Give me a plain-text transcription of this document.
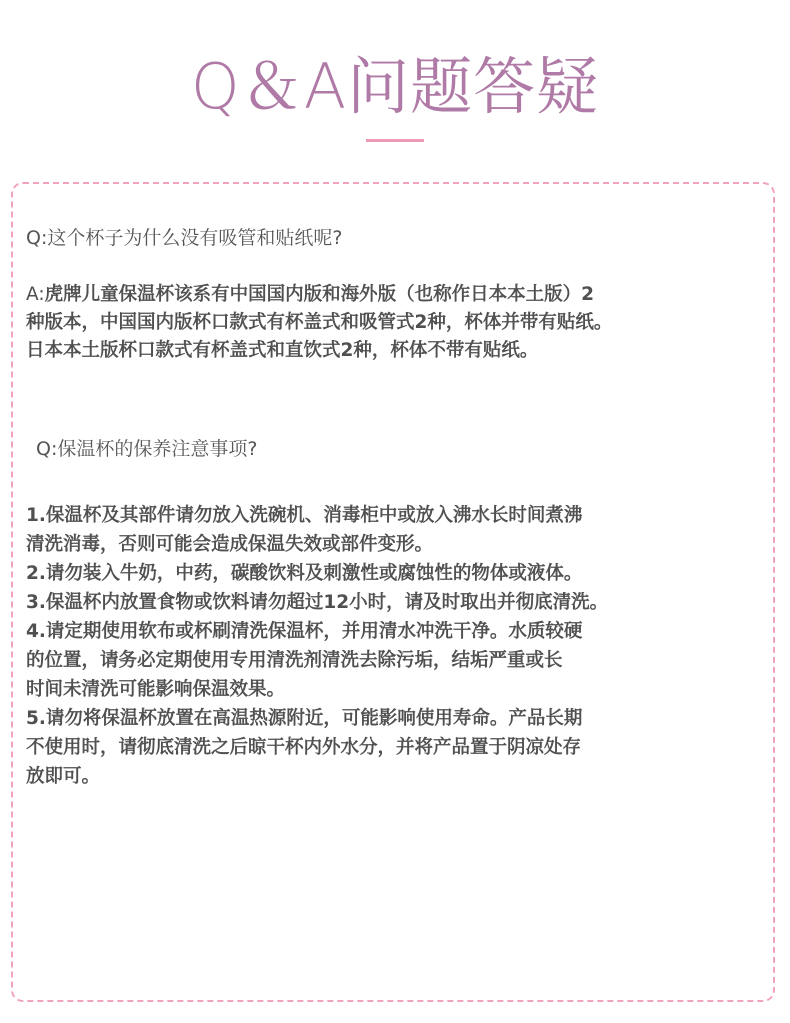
Q＆A问题答疑
Q:这个杯子为什么没有吸管和贴纸呢?
A:虎牌儿童保温杯该系有中国国内版和海外版（也称作日本本土版）2
种版本，中国国内版杯口款式有杯盖式和吸管式2种，杯体并带有贴纸。
日本本土版杯口款式有杯盖式和直饮式2种，杯体不带有贴纸。
Q:保温杯的保养注意事项?
1.保温杯及其部件请勿放入洗碗机、消毒柜中或放入沸水长时间煮沸
清洗消毒，否则可能会造成保温失效或部件变形。
2.请勿装入牛奶，中药，碳酸饮料及刺激性或腐蚀性的物体或液体。
3.保温杯内放置食物或饮料请勿超过12小时，请及时取出并彻底清洗。
4.请定期使用软布或杯刷清洗保温杯，并用清水冲洗干净。水质较硬
的位置，请务必定期使用专用清洗剂清洗去除污垢，结垢严重或长
时间未清洗可能影响保温效果。
5.请勿将保温杯放置在高温热源附近，可能影响使用寿命。产品长期
不使用时，请彻底清洗之后晾干杯内外水分，并将产品置于阴凉处存
放即可。
